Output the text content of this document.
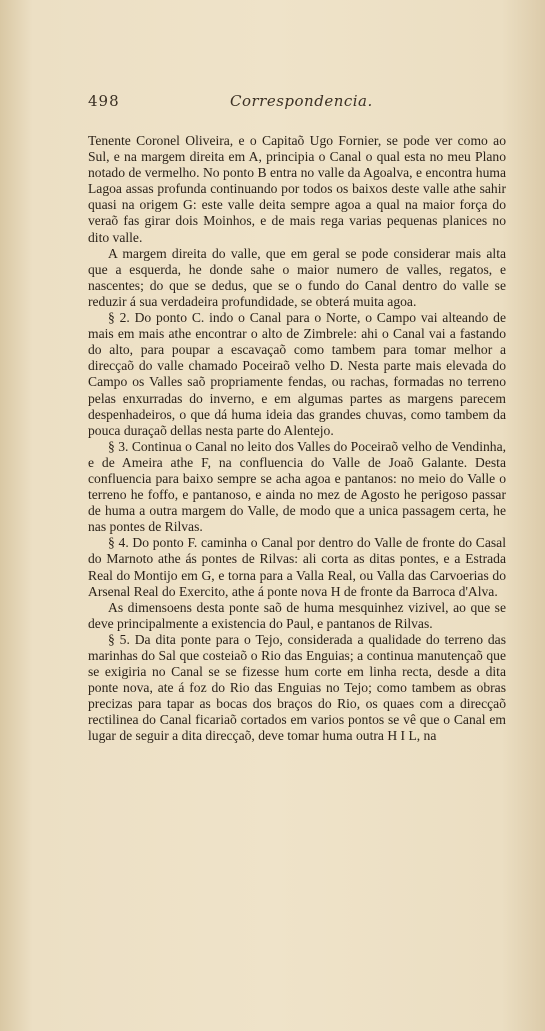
498	Correspondencia.

Tenente Coronel Oliveira, e o Capitaõ Ugo Fornier, se pode ver como ao Sul, e na margem direita em A, principia o Canal o qual esta no meu Plano notado de vermelho. No ponto B entra no valle da Agoalva, e encontra huma Lagoa assas profunda continuando por todos os baixos deste valle athe sahir quasi na origem G: este valle deita sempre agoa a qual na maior força do veraõ fas girar dois Moinhos, e de mais rega varias pequenas planices no dito valle.

A margem direita do valle, que em geral se pode considerar mais alta que a esquerda, he donde sahe o maior numero de valles, regatos, e nascentes; do que se dedus, que se o fundo do Canal dentro do valle se reduzir á sua verdadeira profundidade, se obterá muita agoa.

§ 2. Do ponto C. indo o Canal para o Norte, o Campo vai alteando de mais em mais athe encontrar o alto de Zimbrele: ahi o Canal vai a fastando do alto, para poupar a escavaçaõ como tambem para tomar melhor a direcçaõ do valle chamado Poceiraõ velho D. Nesta parte mais elevada do Campo os Valles saõ propriamente fendas, ou rachas, formadas no terreno pelas enxurradas do inverno, e em algumas partes as margens parecem despenhadeiros, o que dá huma ideia das grandes chuvas, como tambem da pouca duraçaõ dellas nesta parte do Alentejo.

§ 3. Continua o Canal no leito dos Valles do Poceiraõ velho de Vendinha, e de Ameira athe F, na confluencia do Valle de Joaõ Galante. Desta confluencia para baixo sempre se acha agoa e pantanos: no meio do Valle o terreno he foffo, e pantanoso, e ainda no mez de Agosto he perigoso passar de huma a outra margem do Valle, de modo que a unica passagem certa, he nas pontes de Rilvas.

§ 4. Do ponto F. caminha o Canal por dentro do Valle de fronte do Casal do Marnoto athe ás pontes de Rilvas: ali corta as ditas pontes, e a Estrada Real do Montijo em G, e torna para a Valla Real, ou Valla das Carvoerias do Arsenal Real do Exercito, athe á ponte nova H de fronte da Barroca d'Alva.

As dimensoens desta ponte saõ de huma mesquinhez vizivel, ao que se deve principalmente a existencia do Paul, e pantanos de Rilvas.

§ 5. Da dita ponte para o Tejo, considerada a qualidade do terreno das marinhas do Sal que costeiaõ o Rio das Enguias; a continua manutençaõ que se exigiria no Canal se se fizesse hum corte em linha recta, desde a dita ponte nova, ate á foz do Rio das Enguias no Tejo; como tambem as obras precizas para tapar as bocas dos braços do Rio, os quaes com a direcçaõ rectilinea do Canal ficariaõ cortados em varios pontos se vê que o Canal em lugar de seguir a dita direcçaõ, deve tomar huma outra H I L, na
